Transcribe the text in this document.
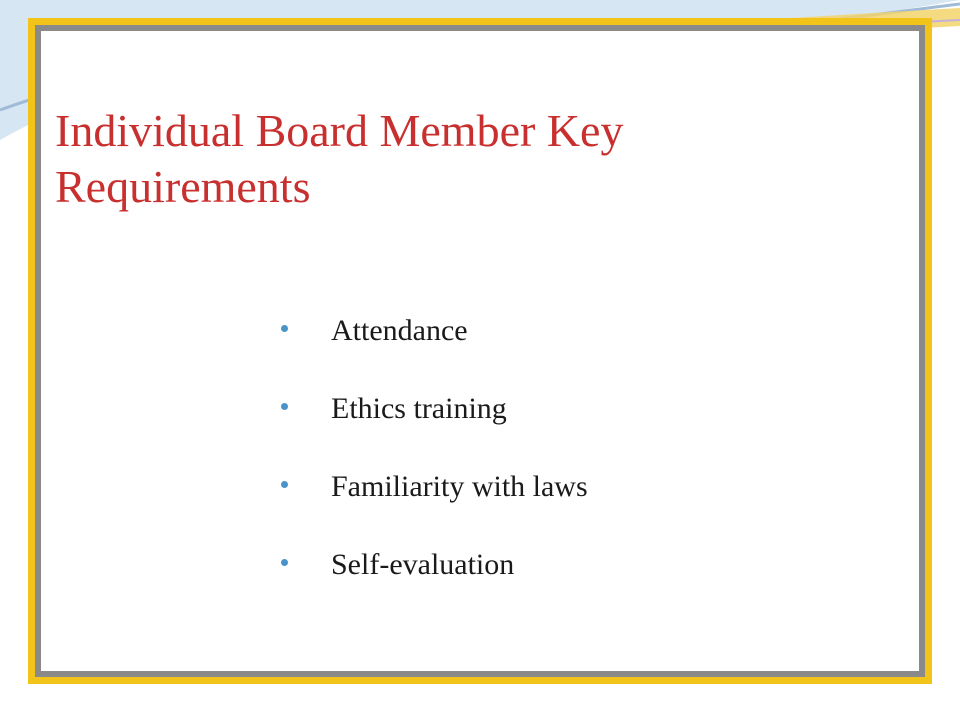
Individual Board Member Key Requirements
Attendance
Ethics training
Familiarity with laws
Self-evaluation
